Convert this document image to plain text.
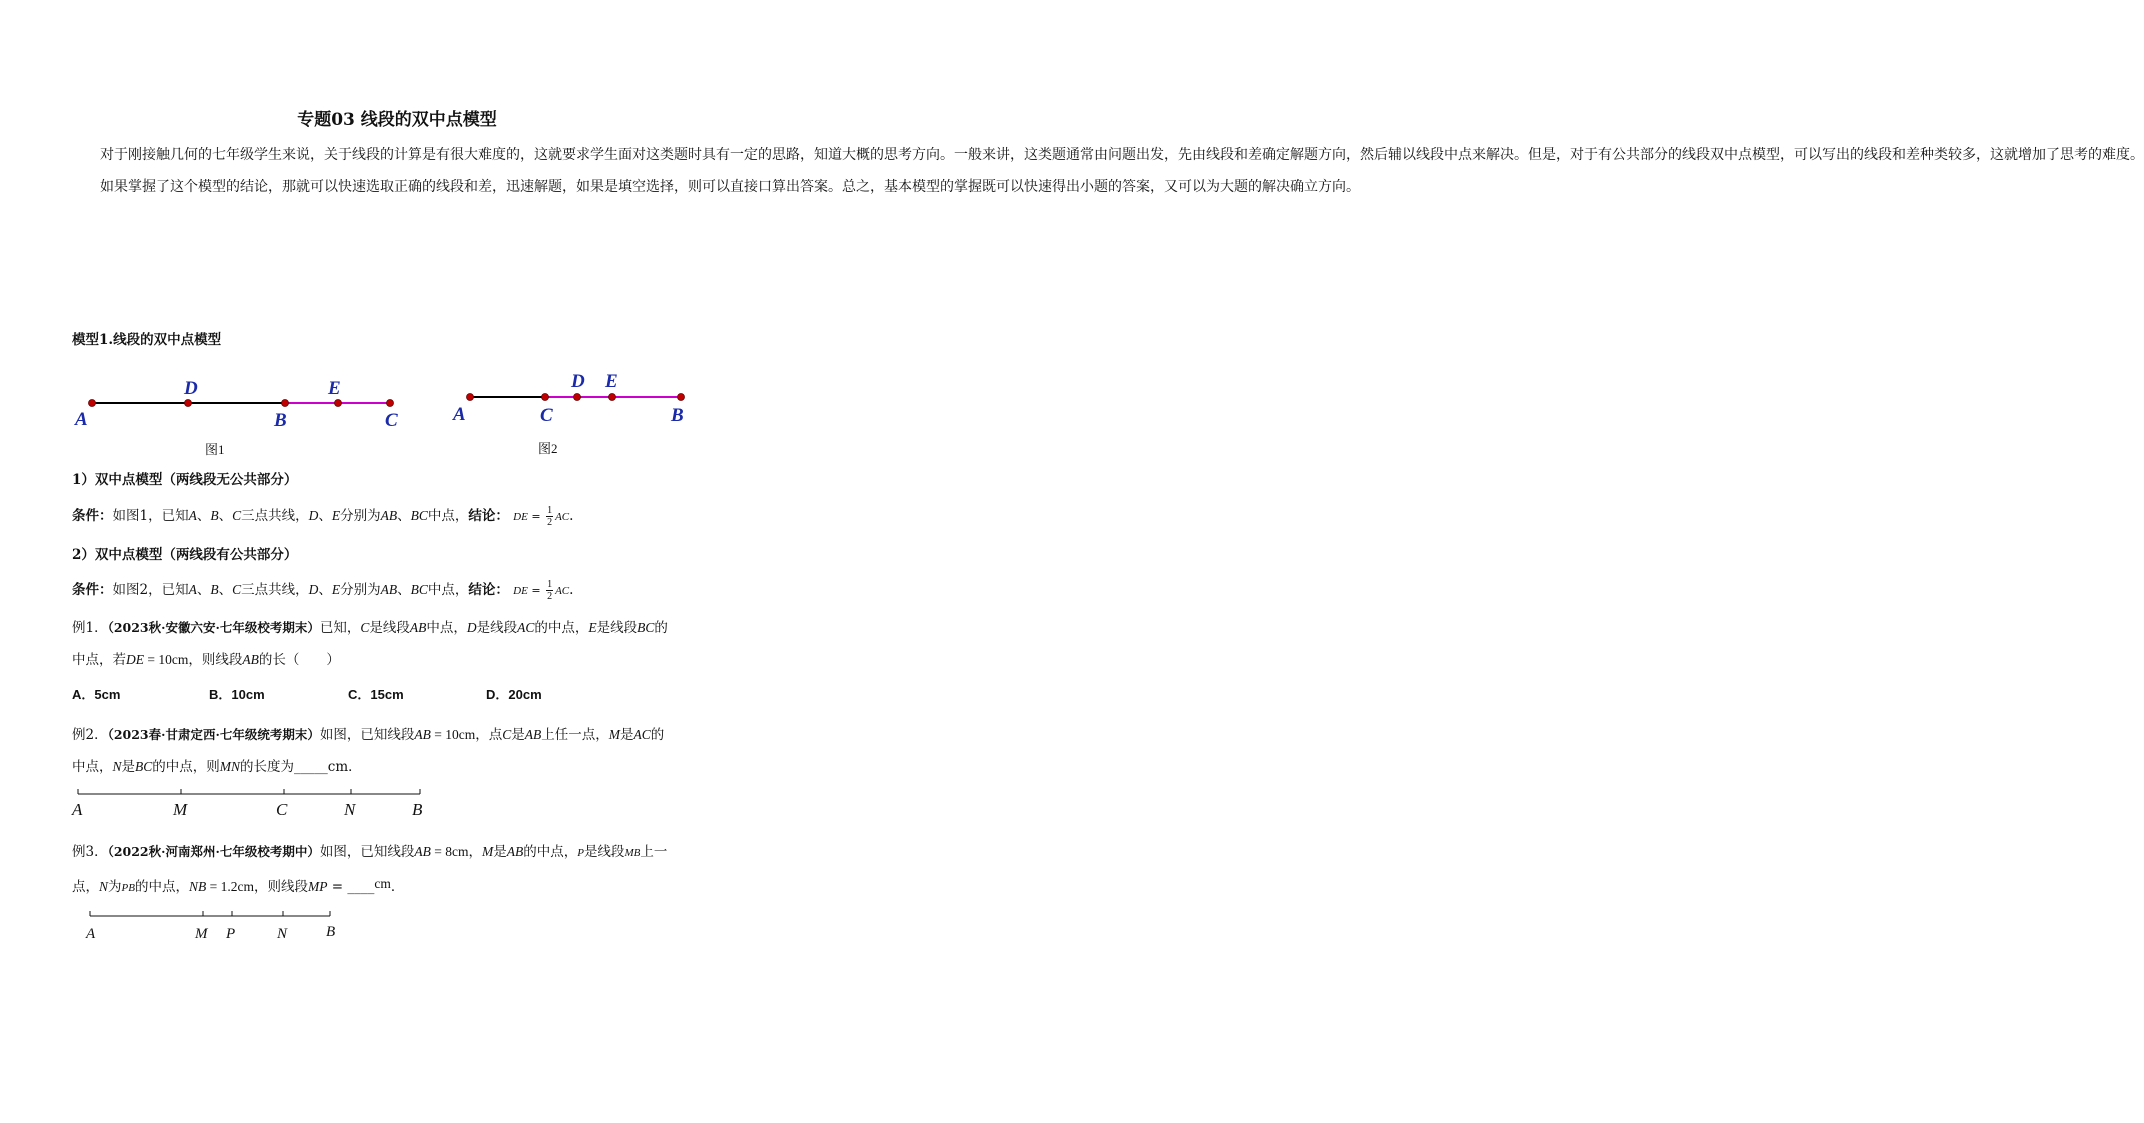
专题03 线段的双中点模型

对于刚接触几何的七年级学生来说，关于线段的计算是有很大难度的，这就要求学生面对这类题时具有一定的思路，知道大概的思考方向。一般来讲，这类题通常由问题出发，先由线段和差确定解题方向，然后辅以线段中点来解决。但是，对于有公共部分的线段双中点模型，可以写出的线段和差种类较多，这就增加了思考的难度。

如果掌握了这个模型的结论，那就可以快速选取正确的线段和差，迅速解题，如果是填空选择，则可以直接口算出答案。总之，基本模型的掌握既可以快速得出小题的答案，又可以为大题的解决确立方向。

模型1.线段的双中点模型
A
D
B
E
C
图1
A	C
D E
B
图2
1）双中点模型（两线段无公共部分）
条件：如图1，已知A、B、C三点共线，D、E分别为AB、BC中点，结论： DE = $\frac{1}{2}$ AC.
2）双中点模型（两线段有公共部分）
条件：如图2，已知A、B、C三点共线，D、E分别为AB、BC中点，结论： DE = $\frac{1}{2}$ AC.
例1．（2023秋·安徽六安·七年级校考期末）已知，C是线段AB中点，D是线段AC的中点，E是线段BC的
中点，若DE = 10cm，则线段AB的长（　　）
A．5cm	B．10cm	C．15cm	D．20cm
例2．（2023春·甘肃定西·七年级统考期末）如图，已知线段AB = 10cm，点C是AB上任一点，M是AC的
中点，N是BC的中点，则MN的长度为_____cm．
A	M	C	N	B
例3．（2022秋·河南郑州·七年级校考期中）如图，已知线段AB = 8cm，M是AB的中点，P是线段MB上一
点，N为PB的中点，NB = 1.2cm，则线段MP = ____cm．
A	M P	N	B
